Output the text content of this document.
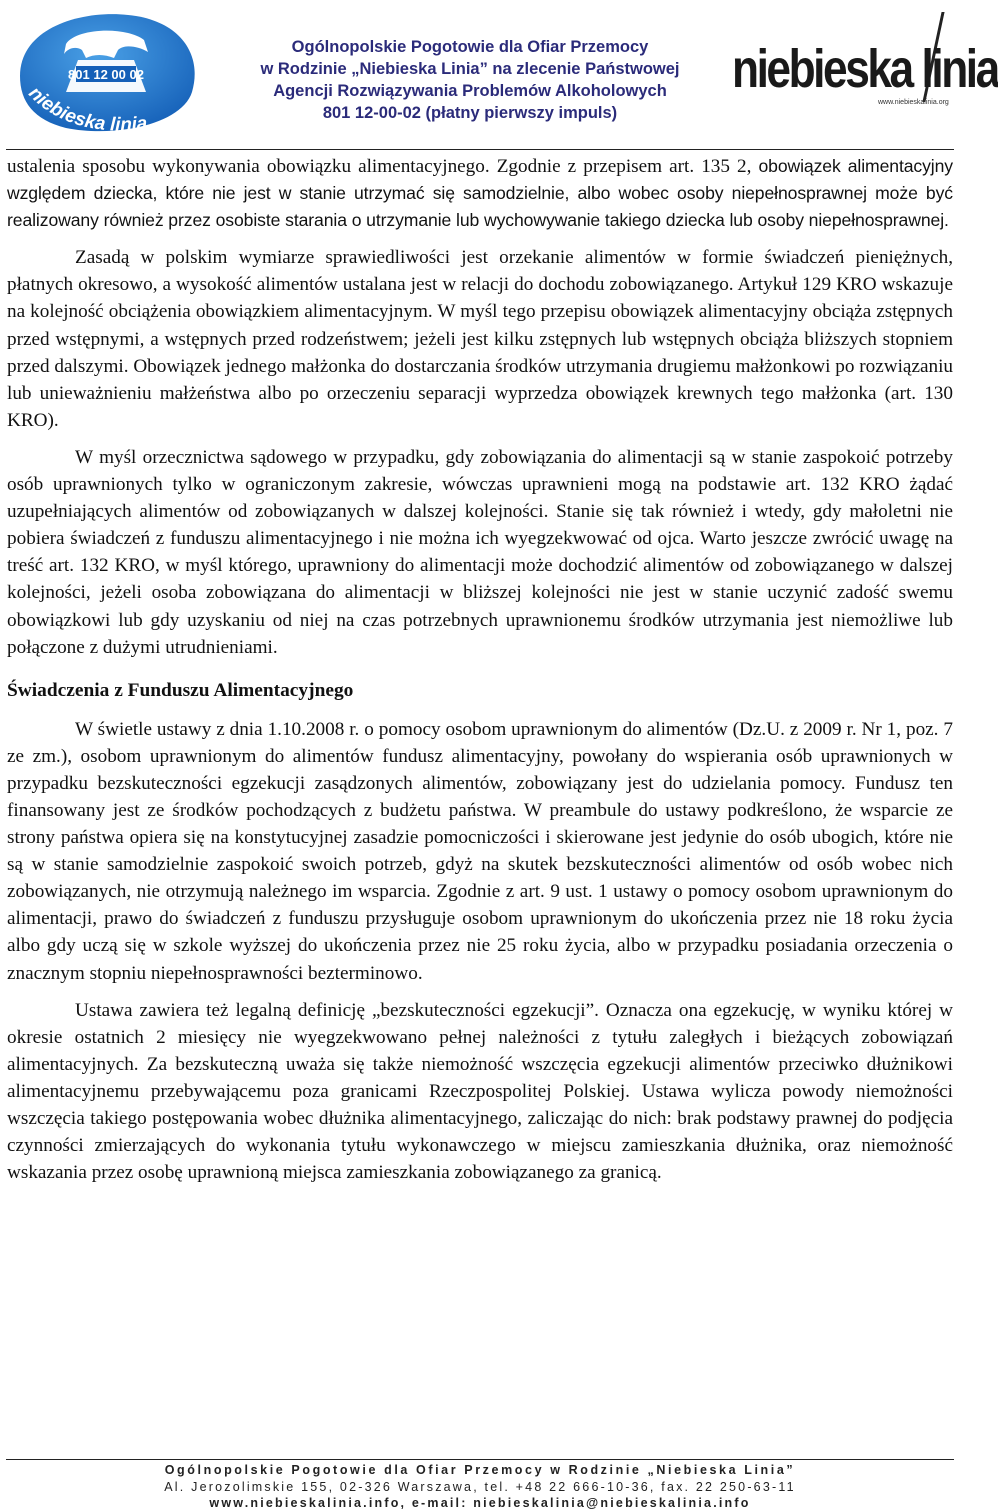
801 12 00 02
niebieska linia
Ogólnopolskie Pogotowie dla Ofiar Przemocy
w Rodzinie „Niebieska Linia” na zlecenie Państwowej
Agencji Rozwiązywania Problemów Alkoholowych
801 12-00-02 (płatny pierwszy impuls)
niebieska linia
www.niebieskalinia.org

ustalenia sposobu wykonywania obowiązku alimentacyjnego. Zgodnie z przepisem art. 135 2, obowiązek alimentacyjny względem dziecka, które nie jest w stanie utrzymać się samodzielnie, albo wobec osoby niepełnosprawnej może być realizowany również przez osobiste starania o utrzymanie lub wychowywanie takiego dziecka lub osoby niepełnosprawnej.

Zasadą w polskim wymiarze sprawiedliwości jest orzekanie alimentów w formie świadczeń pieniężnych, płatnych okresowo, a wysokość alimentów ustalana jest w relacji do dochodu zobowiązanego. Artykuł 129 KRO wskazuje na kolejność obciążenia obowiązkiem alimentacyjnym. W myśl tego przepisu obowiązek alimentacyjny obciąża zstępnych przed wstępnymi, a wstępnych przed rodzeństwem; jeżeli jest kilku zstępnych lub wstępnych obciąża bliższych stopniem przed dalszymi. Obowiązek jednego małżonka do dostarczania środków utrzymania drugiemu małżonkowi po rozwiązaniu lub unieważnieniu małżeństwa albo po orzeczeniu separacji wyprzedza obowiązek krewnych tego małżonka (art. 130 KRO).

W myśl orzecznictwa sądowego w przypadku, gdy zobowiązania do alimentacji są w stanie zaspokoić potrzeby osób uprawnionych tylko w ograniczonym zakresie, wówczas uprawnieni mogą na podstawie art. 132 KRO żądać uzupełniających alimentów od zobowiązanych w dalszej kolejności. Stanie się tak również i wtedy, gdy małoletni nie pobiera świadczeń z funduszu alimentacyjnego i nie można ich wyegzekwować od ojca. Warto jeszcze zwrócić uwagę na treść art. 132 KRO, w myśl którego, uprawniony do alimentacji może dochodzić alimentów od zobowiązanego w dalszej kolejności, jeżeli osoba zobowiązana do alimentacji w bliższej kolejności nie jest w stanie uczynić zadość swemu obowiązkowi lub gdy uzyskaniu od niej na czas potrzebnych uprawnionemu środków utrzymania jest niemożliwe lub połączone z dużymi utrudnieniami.

Świadczenia z Funduszu Alimentacyjnego

W świetle ustawy z dnia 1.10.2008 r. o pomocy osobom uprawnionym do alimentów (Dz.U. z 2009 r. Nr 1, poz. 7 ze zm.), osobom uprawnionym do alimentów fundusz alimentacyjny, powołany do wspierania osób uprawnionych w przypadku bezskuteczności egzekucji zasądzonych alimentów, zobowiązany jest do udzielania pomocy. Fundusz ten finansowany jest ze środków pochodzących z budżetu państwa. W preambule do ustawy podkreślono, że wsparcie ze strony państwa opiera się na konstytucyjnej zasadzie pomocniczości i skierowane jest jedynie do osób ubogich, które nie są w stanie samodzielnie zaspokoić swoich potrzeb, gdyż na skutek bezskuteczności alimentów od osób wobec nich zobowiązanych, nie otrzymują należnego im wsparcia. Zgodnie z art. 9 ust. 1 ustawy o pomocy osobom uprawnionym do alimentacji, prawo do świadczeń z funduszu przysługuje osobom uprawnionym do ukończenia przez nie 18 roku życia albo gdy uczą się w szkole wyższej do ukończenia przez nie 25 roku życia, albo w przypadku posiadania orzeczenia o znacznym stopniu niepełnosprawności bezterminowo.

Ustawa zawiera też legalną definicję „bezskuteczności egzekucji”. Oznacza ona egzekucję, w wyniku której w okresie ostatnich 2 miesięcy nie wyegzekwowano pełnej należności z tytułu zaległych i bieżących zobowiązań alimentacyjnych. Za bezskuteczną uważa się także niemożność wszczęcia egzekucji alimentów przeciwko dłużnikowi alimentacyjnemu przebywającemu poza granicami Rzeczpospolitej Polskiej. Ustawa wylicza powody niemożności wszczęcia takiego postępowania wobec dłużnika alimentacyjnego, zaliczając do nich: brak podstawy prawnej do podjęcia czynności zmierzających do wykonania tytułu wykonawczego w miejscu zamieszkania dłużnika, oraz niemożność wskazania przez osobę uprawnioną miejsca zamieszkania zobowiązanego za granicą.

Ogólnopolskie Pogotowie dla Ofiar Przemocy w Rodzinie „Niebieska Linia”
Al. Jerozolimskie 155, 02-326 Warszawa, tel. +48 22 666-10-36, fax. 22 250-63-11
www.niebieskalinia.info, e-mail: niebieskalinia@niebieskalinia.info
